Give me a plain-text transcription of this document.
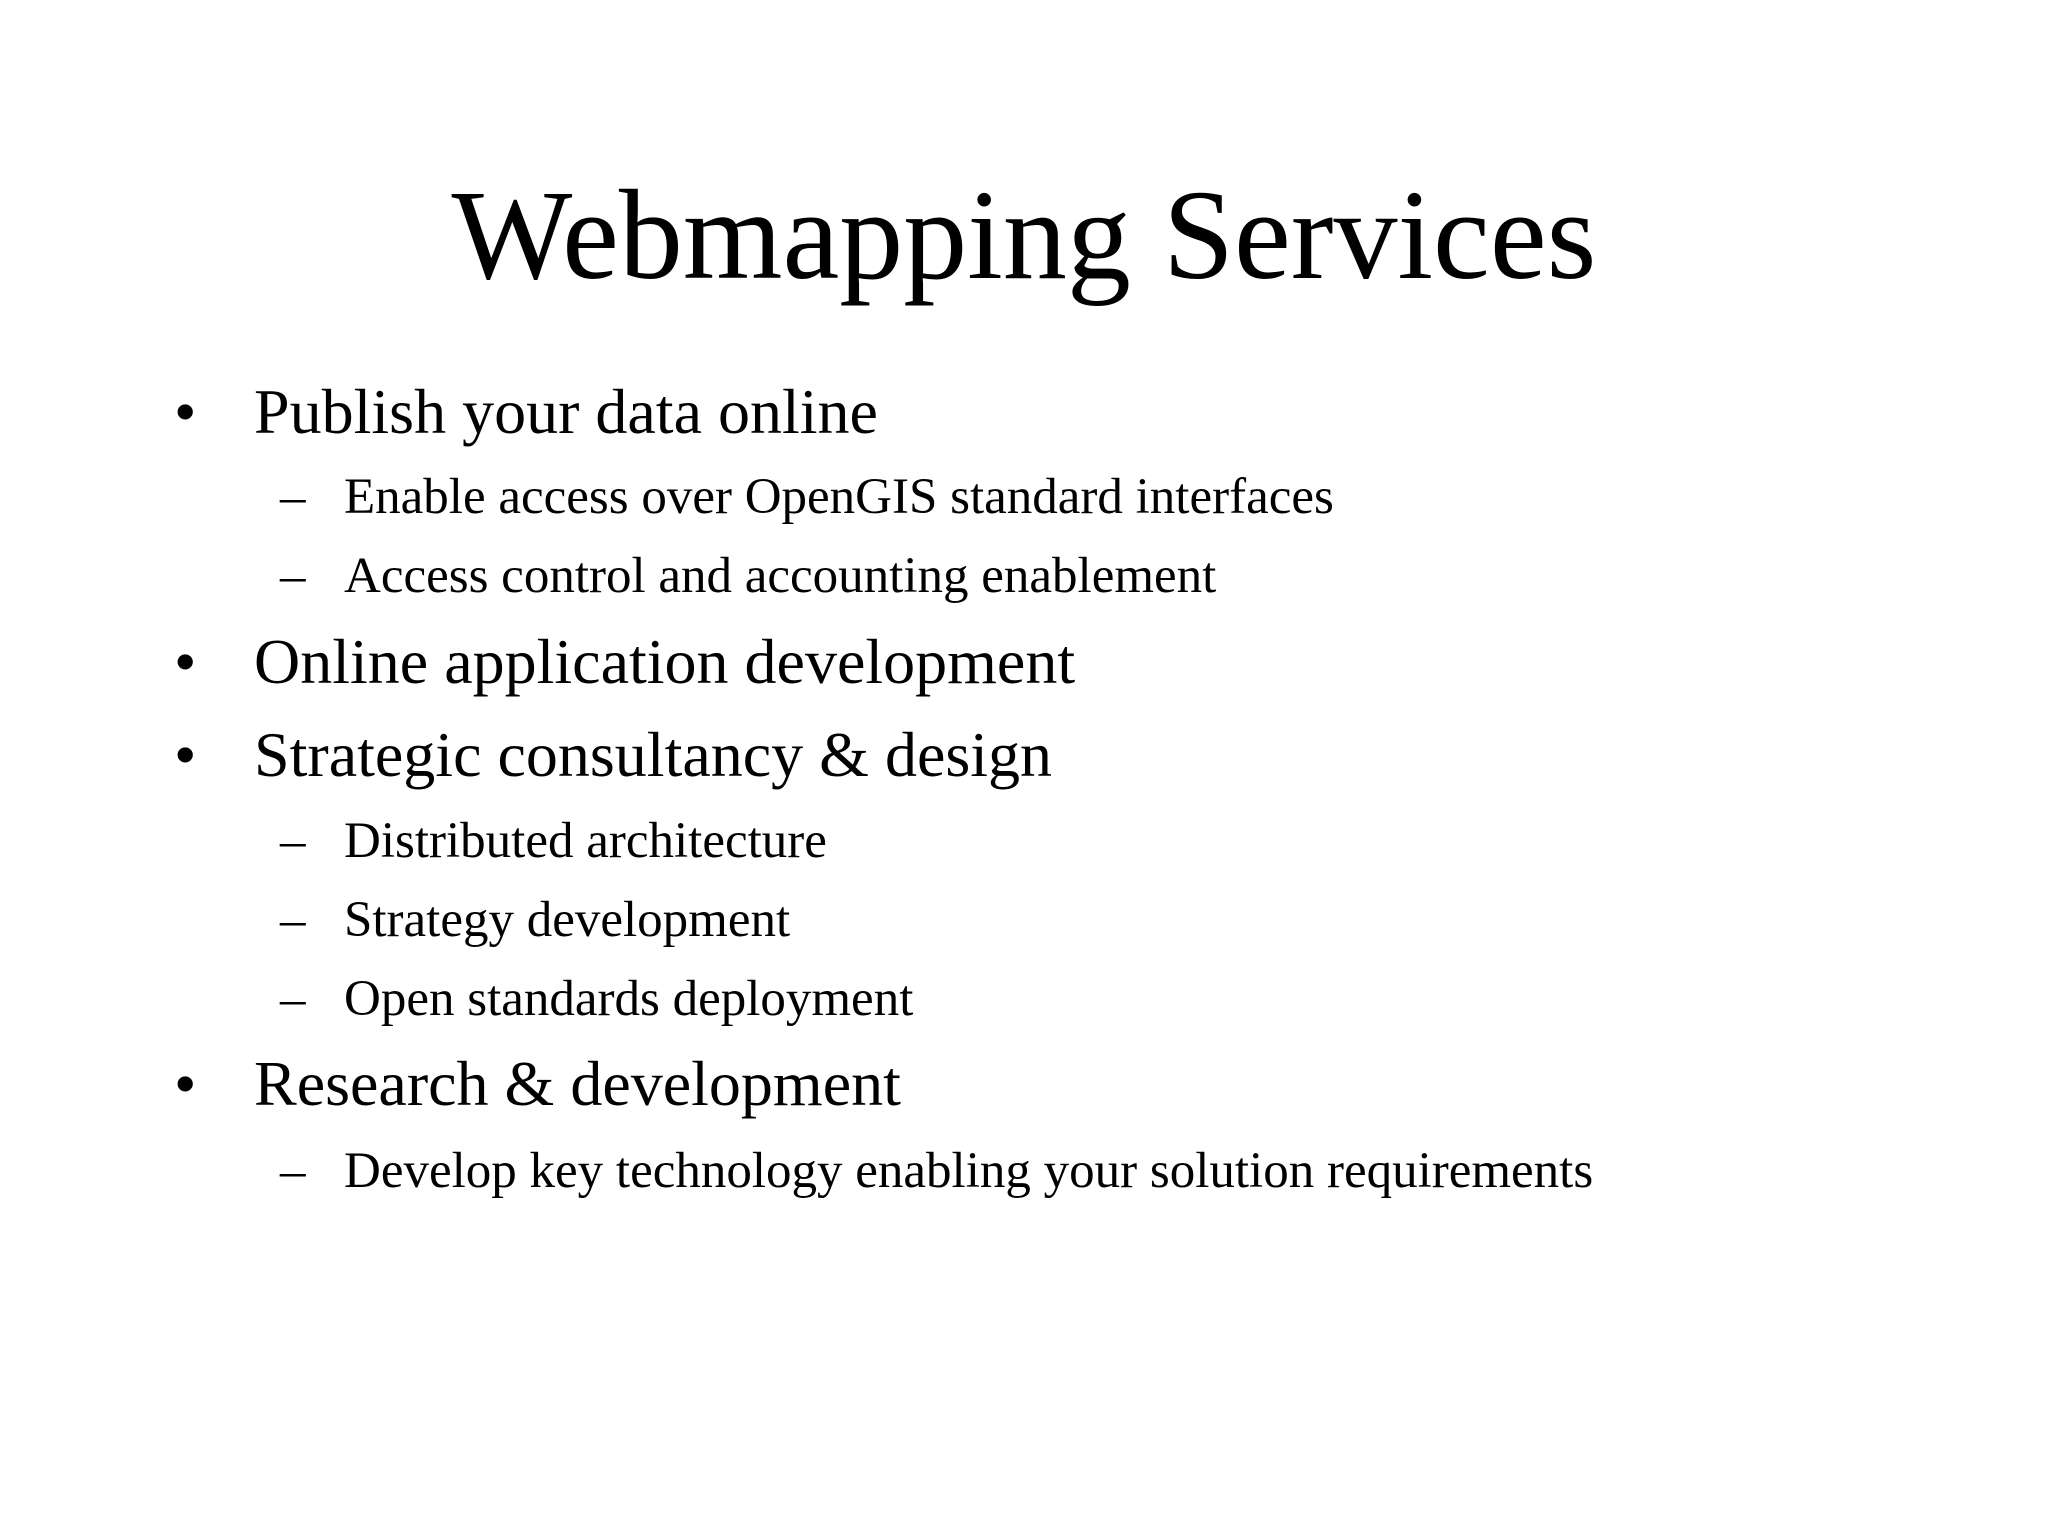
Webmapping Services
• Publish your data online
– Enable access over OpenGIS standard interfaces
– Access control and accounting enablement
• Online application development
• Strategic consultancy & design
– Distributed architecture
– Strategy development
– Open standards deployment
• Research & development
– Develop key technology enabling your solution requirements
